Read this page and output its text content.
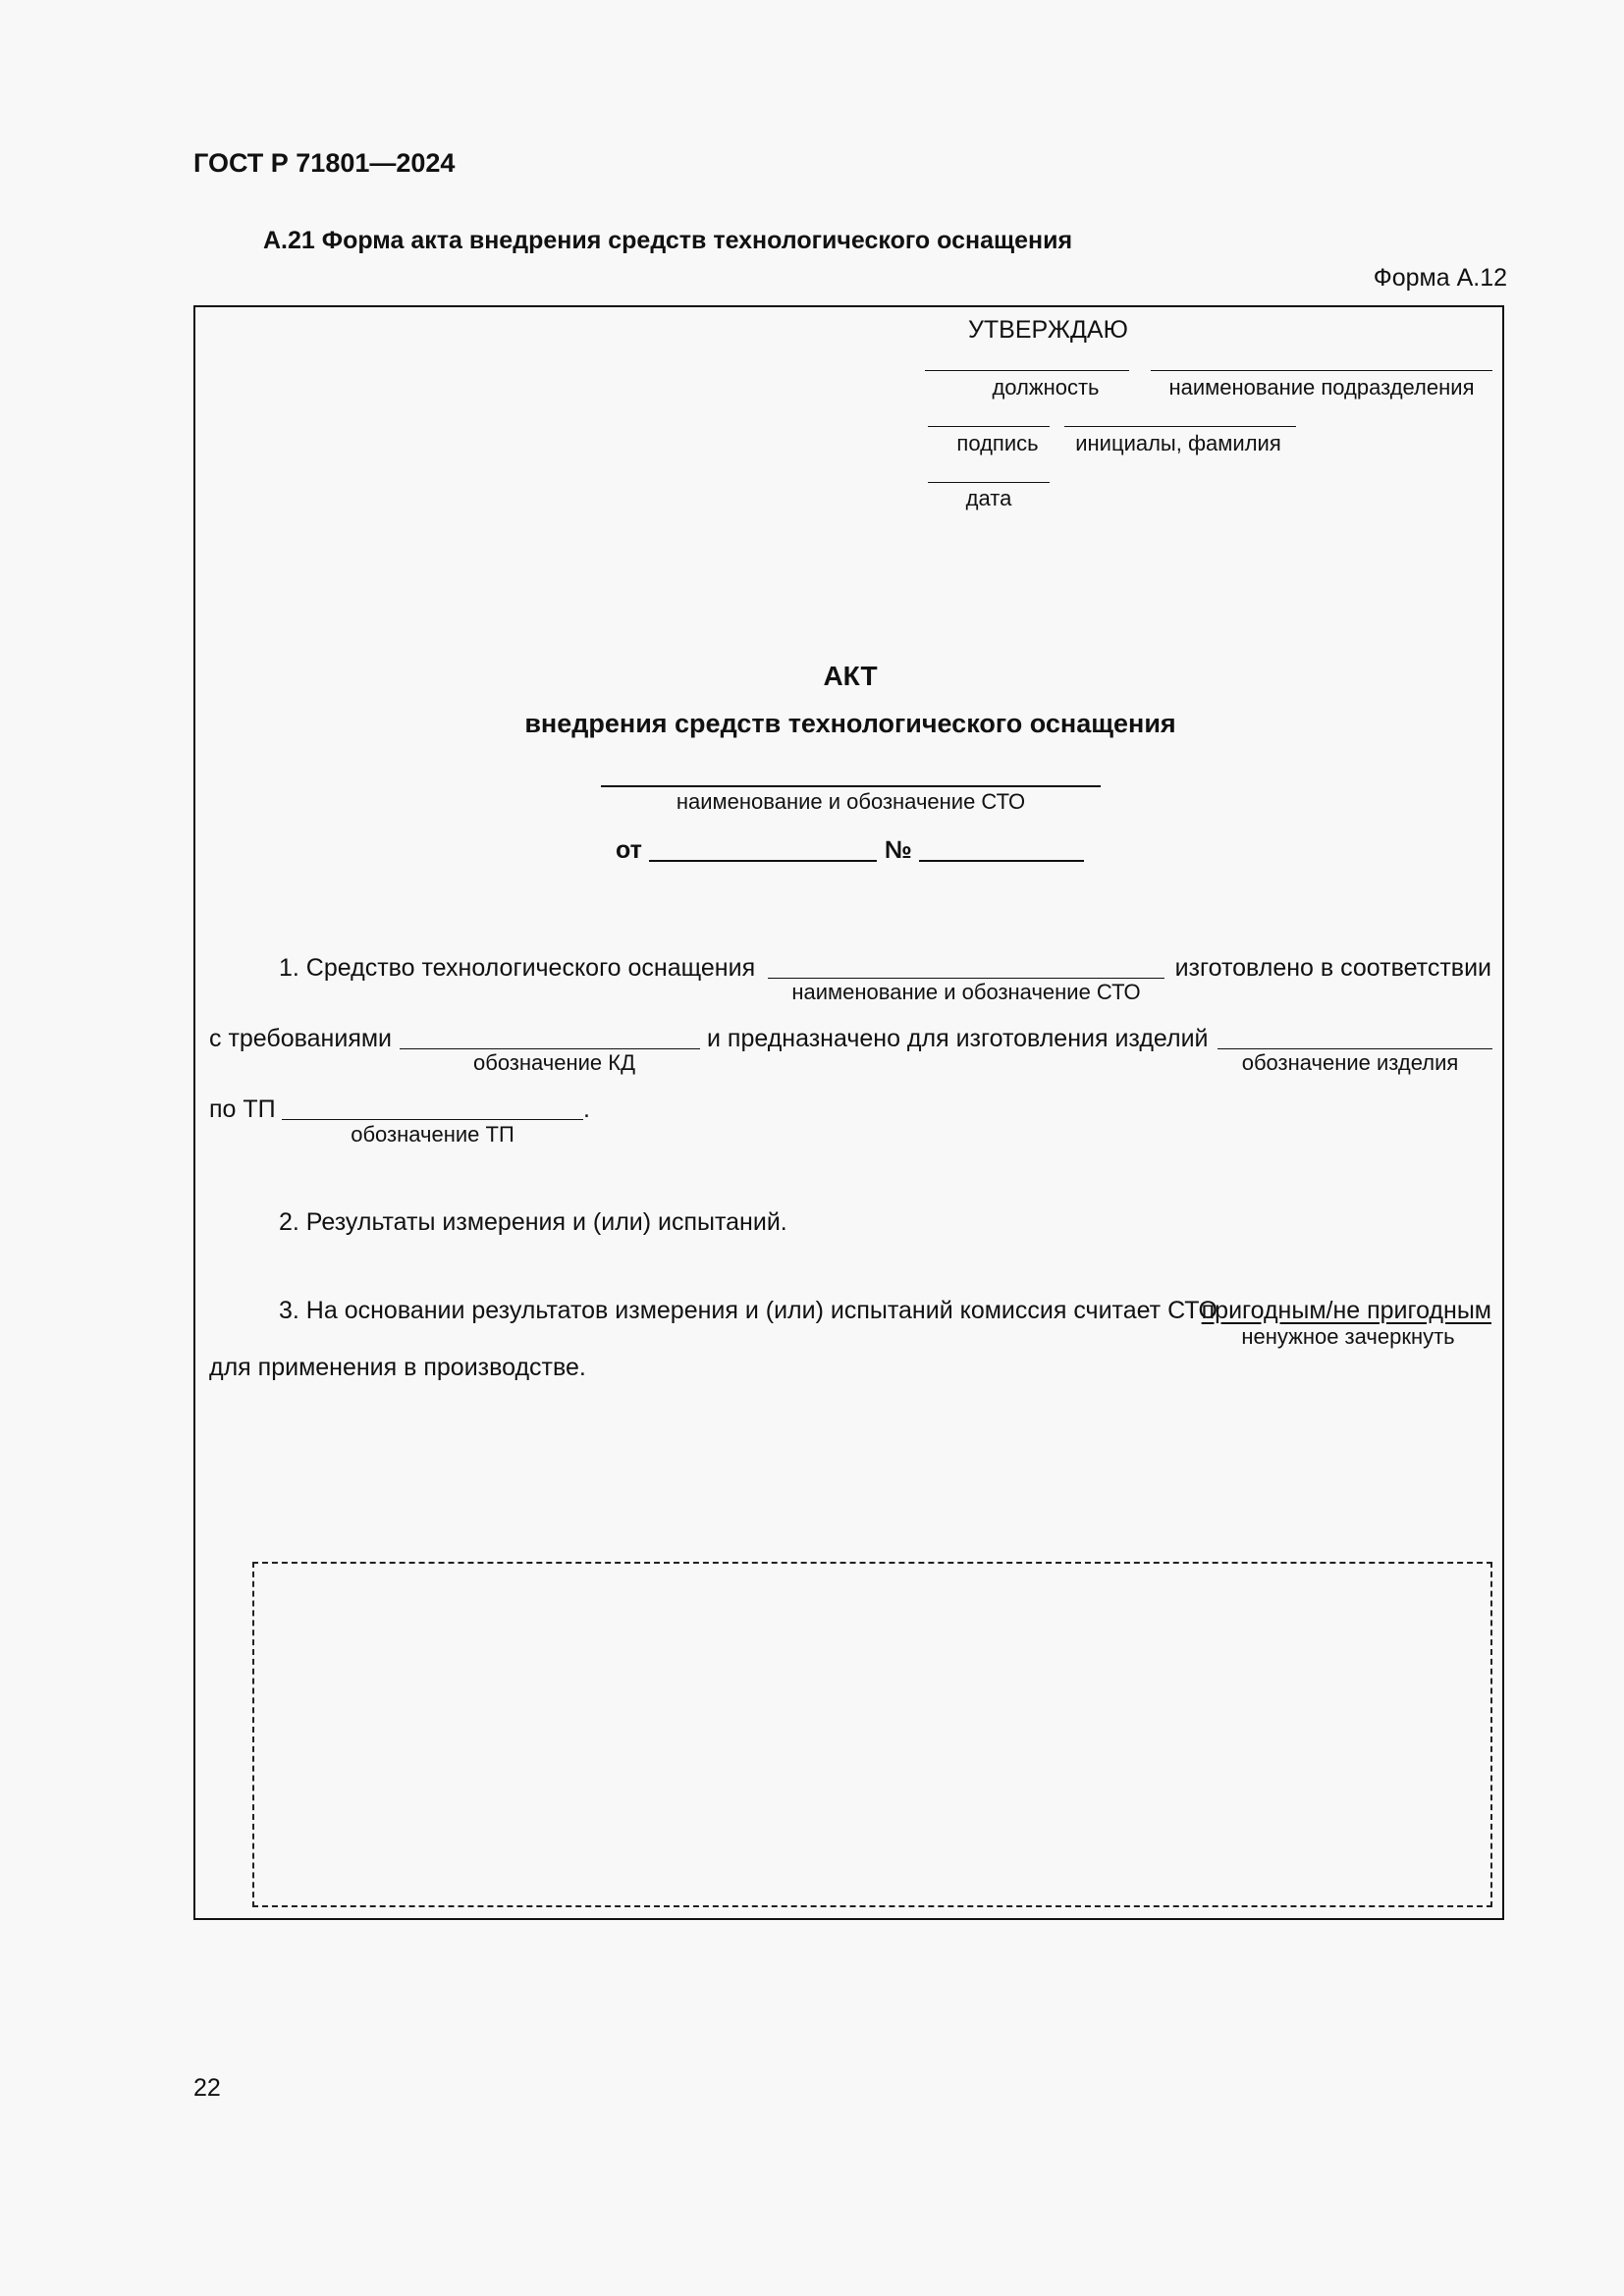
ГОСТ Р 71801—2024
А.21 Форма акта внедрения средств технологического оснащения
Форма А.12
УТВЕРЖДАЮ
должность	наименование подразделения
подпись	инициалы, фамилия
дата
АКТ
внедрения средств технологического оснащения
наименование и обозначение СТО
от	№
1. Средство технологического оснащения	изготовлено в соответствии
наименование и обозначение СТО
с требованиями	и предназначено для изготовления изделий
обозначение КД	обозначение изделия
по ТП	.
обозначение ТП
2. Результаты измерения и (или) испытаний.
3. На основании результатов измерения и (или) испытаний комиссия считает СТО
пригодным/не пригодным
ненужное зачеркнуть
для применения в производстве.
22
